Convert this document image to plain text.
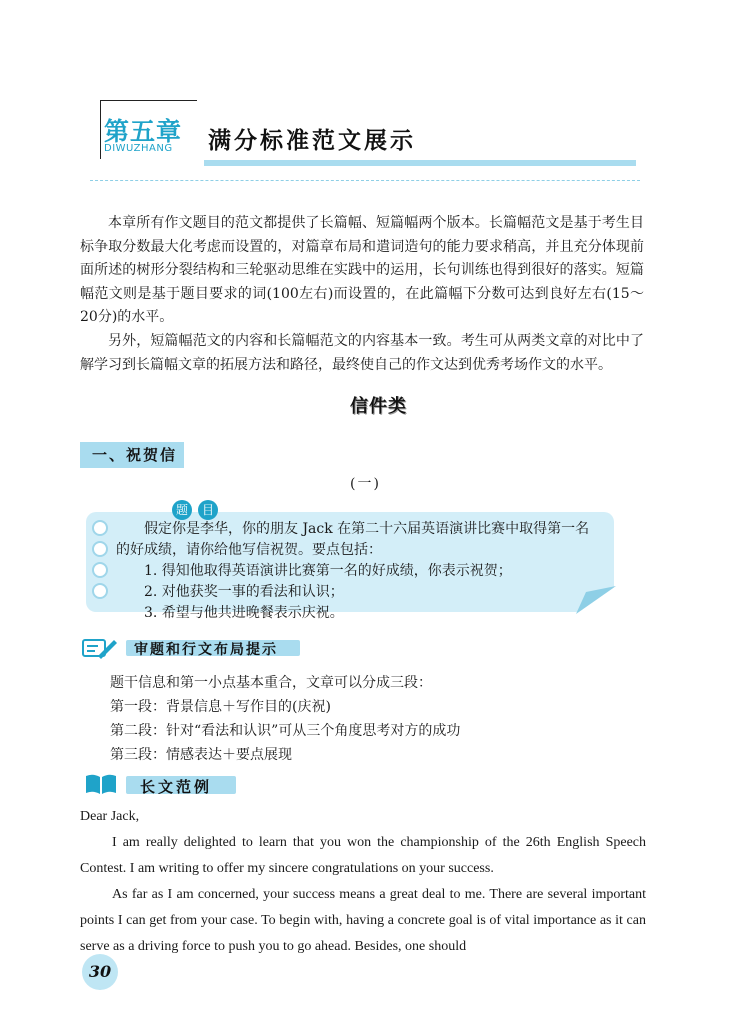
第五章
DIWUZHANG 满分标准范文展示
本章所有作文题目的范文都提供了长篇幅、短篇幅两个版本。长篇幅范文是基于考生目标争取分数最大化考虑而设置的，对篇章布局和遣词造句的能力要求稍高，并且充分体现前面所述的树形分裂结构和三轮驱动思维在实践中的运用，长句训练也得到很好的落实。短篇幅范文则是基于题目要求的词(100左右)而设置的，在此篇幅下分数可达到良好左右(15～20分)的水平。
另外，短篇幅范文的内容和长篇幅范文的内容基本一致。考生可从两类文章的对比中了解学习到长篇幅文章的拓展方法和路径，最终使自己的作文达到优秀考场作文的水平。
信件类
一、祝贺信
(一)
题	目
假定你是李华，你的朋友 Jack 在第二十六届英语演讲比赛中取得第一名
的好成绩，请你给他写信祝贺。要点包括：
1. 得知他取得英语演讲比赛第一名的好成绩，你表示祝贺；
2. 对他获奖一事的看法和认识；
3. 希望与他共进晚餐表示庆祝。
审题和行文布局提示
题干信息和第一小点基本重合，文章可以分成三段：
第一段：背景信息＋写作目的(庆祝)
第二段：针对“看法和认识”可从三个角度思考对方的成功
第三段：情感表达＋要点展现
长文范例
Dear Jack,
I am really delighted to learn that you won the championship of the 26th English Speech Contest. I am writing to offer my sincere congratulations on your success.
As far as I am concerned, your success means a great deal to me. There are several important points I can get from your case. To begin with, having a concrete goal is of vital importance as it can serve as a driving force to push you to go ahead. Besides, one should
30
